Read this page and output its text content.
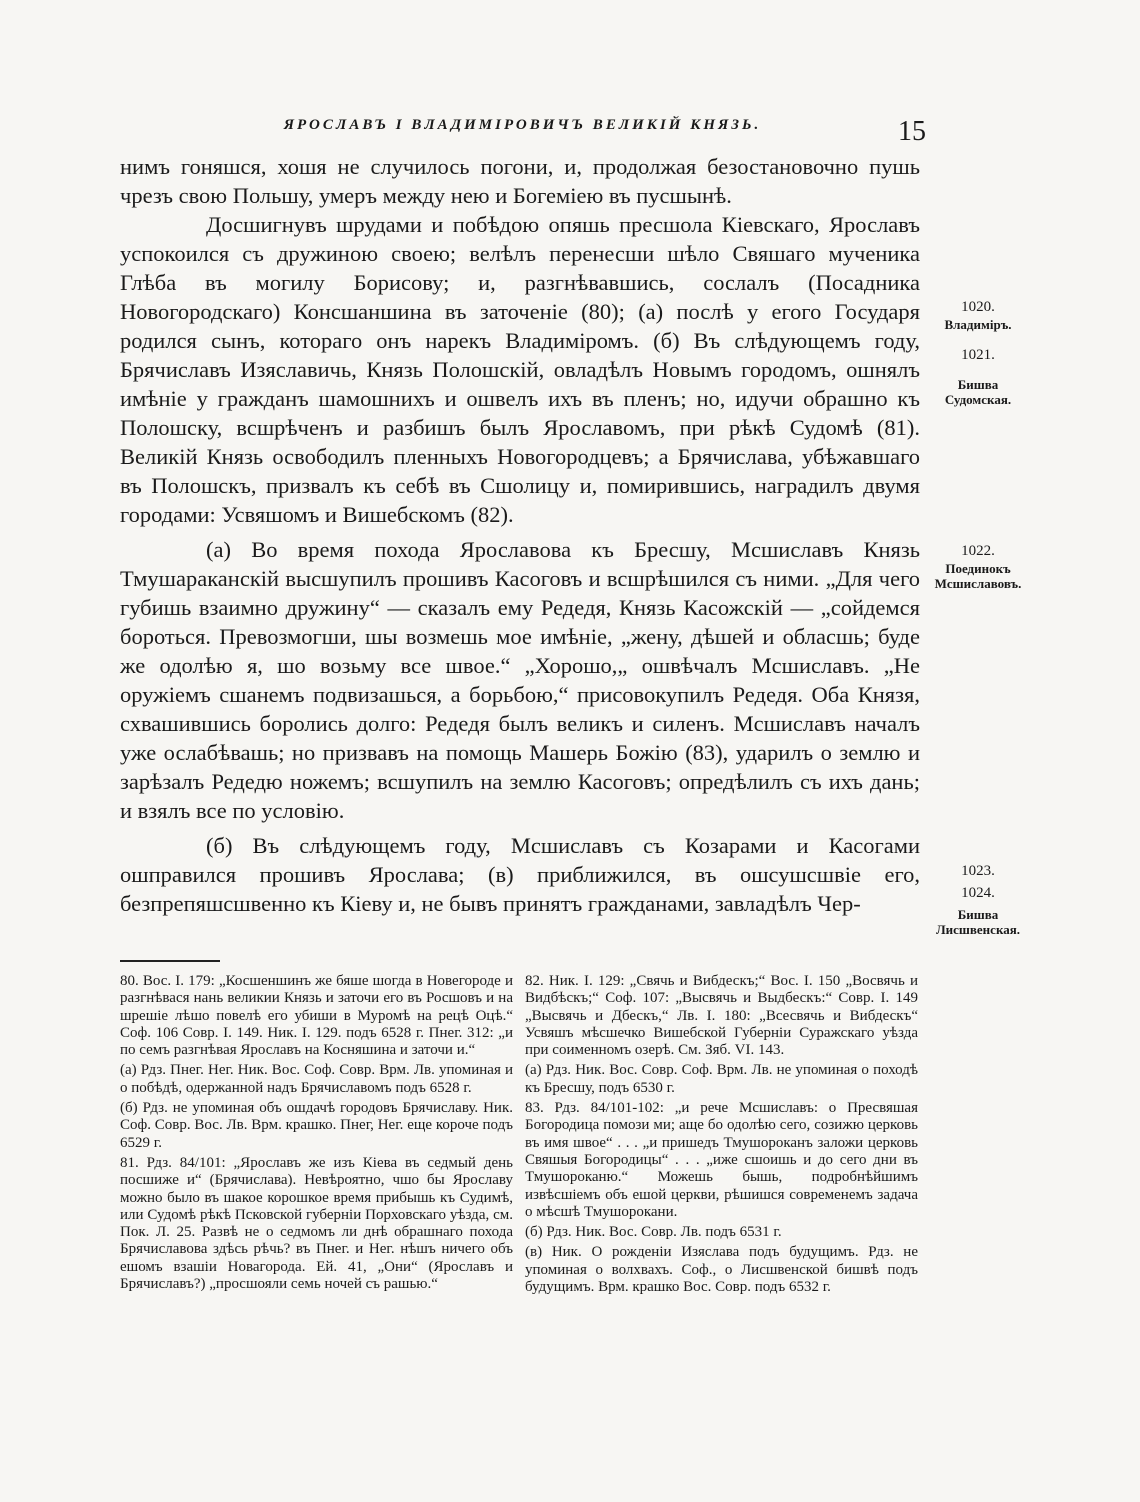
ЯРОСЛАВЪ I ВЛАДИМІРОВИЧЪ ВЕЛИКІЙ КНЯЗЬ.	15

нимъ гоняшся, хошя не случилось погони, и, продолжая безостановочно пушь чрезъ свою Польшу, умеръ между нею и Богеміею въ пусшынѣ.

Досшигнувъ шрудами и побѣдою опяшь пресшола Кіевскаго, Ярославъ успокоился съ дружиною своею; велѣлъ перенесши шѣло Свяшаго мученика Глѣба въ могилу Борисову; и, разгнѣвавшись, сослалъ (Посадника Новогородскаго) Консшаншина въ заточеніе (80); (а) послѣ у егого Государя родился сынъ, которaго онъ нарекъ Владиміромъ. (б) Въ слѣдующемъ году, Брячиславъ Изяславичь, Князь Полошскій, овладѣлъ Новымъ городомъ, ошнялъ имѣніе у гражданъ шамошнихъ и ошвелъ ихъ въ пленъ; но, идучи обрашно къ Полошску, всшрѣченъ и разбишъ былъ Ярославомъ, при рѣкѣ Судомѣ (81). Великій Князь освободилъ пленныхъ Новогородцевъ; а Брячислава, убѣжавшаго въ Полошскъ, призвалъ къ себѣ въ Сшолицу и, помирившись, наградилъ двумя городами: Усвяшомъ и Вишебскомъ (82).

(а) Во время похода Ярославова къ Бресшу, Мсшиславъ Князь Тмушараканскій высшупилъ прошивъ Касоговъ и всшрѣшился съ ними. „Для чего губишь взаимно дружину“ — сказалъ ему Редедя, Князь Касожскій — „сойдемся бороться. Превозмогши, шы возмешь мое имѣніе, „жену, дѣшей и обласшь; буде же одолѣю я, шо возьму все швое.“ „Хорошо,„ ошвѣчалъ Мсшиславъ. „Не оружіемъ сшанемъ подвизашься, а борьбою,“ присовокупилъ Редедя. Оба Князя, схвашившись боролись долго: Редедя былъ великъ и силенъ. Мсшиславъ началъ уже ослабѣвашь; но призвавъ на помощь Машерь Божію (83), ударилъ о землю и зарѣзалъ Редедю ножемъ; всшупилъ на землю Касоговъ; опредѣлилъ съ ихъ дань; и взялъ все по условію.

(б) Въ слѣдующемъ году, Мсшиславъ съ Козарами и Касогами ошправился прошивъ Ярослава; (в) приближился, въ ошсушсшвіе его, безпрепяшсшвенно къ Кіеву и, не бывъ принятъ гражданами, завладѣлъ Чер-

1020.
Владиміръ.
1021.
Бишва Судомская.
1022.
Поединокъ Мсшиславовъ.
1023.
1024.
Бишва Лисшвенская.

80. Вос. I. 179: „Косшеншинъ же бяше шогда в Новегороде и разгнѣвася нань великии Князь и заточи его въ Росшовъ и на шрешіе лѣшо повелѣ его убиши в Муромѣ на рецѣ Оцѣ.“ Соф. 106 Совр. I. 149. Ник. I. 129. подъ 6528 г. Пнег. 312: „и по семъ разгнѣвая Ярославъ на Косняшина и заточи и.“

(а) Рдз. Пнег. Нег. Ник. Вос. Соф. Совр. Врм. Лв. упоминая и о побѣдѣ, одержанной надъ Брячиславомъ подъ 6528 г.

(б) Рдз. не упоминая объ ошдачѣ городовъ Брячиславу. Ник. Соф. Совр. Вос. Лв. Врм. крашко. Пнег, Нег. еще короче подъ 6529 г.

81. Рдз. 84/101: „Ярославъ же изъ Кіева въ седмый день посшиже и“ (Брячислава). Невѣроятно, чшо бы Ярославу можно было въ шакое корошкое время прибышь къ Судимѣ, или Судомѣ рѣкѣ Псковской губерніи Порховскаго уѣзда, см. Пок. Л. 25. Развѣ не о седмомъ ли днѣ обрашнаго похода Брячиславова здѣсь рѣчь? въ Пнег. и Нег. нѣшъ ничего объ ешомъ взашіи Новагорода. Ей. 41, „Они“ (Ярославъ и Брячиславъ?) „просшояли семь ночей съ рашью.“

82. Ник. I. 129: „Свячь и Вибдескъ;“ Вос. I. 150 „Восвячь и Видбѣскъ;“ Соф. 107: „Высвячь и Выдбескъ:“ Совр. I. 149 „Высвячь и Дбескъ,“ Лв. I. 180: „Всесвячь и Вибдескъ“ Усвяшъ мѣсшечко Вишебской Губерніи Суражскаго уѣзда при соименномъ озерѣ. См. Зяб. VI. 143.

(а) Рдз. Ник. Вос. Совр. Соф. Врм. Лв. не упоминая о походѣ къ Бресшу, подъ 6530 г.

83. Рдз. 84/101-102: „и рече Мсшиславъ: о Пресвяшая Богородица помози ми; аще бо одолѣю сего, созижю церковь въ имя швое“ . . . „и пришедъ Тмушороканъ заложи церковь Свяшыя Богородицы“ . . . „иже сшоишь и до сего дни въ Тмушороканю.“ Можешь бышь, подробнѣйшимъ извѣсшіемъ объ ешой церкви, рѣшишся современемъ задача о мѣсшѣ Тмушорокани.

(б) Рдз. Ник. Вос. Совр. Лв. подъ 6531 г.

(в) Ник. О рожденіи Изяслава подъ будущимъ. Рдз. не упоминая о волхвахъ. Соф., о Лисшвенской бишвѣ подъ будущимъ. Врм. крашко Вос. Совр. подъ 6532 г.
